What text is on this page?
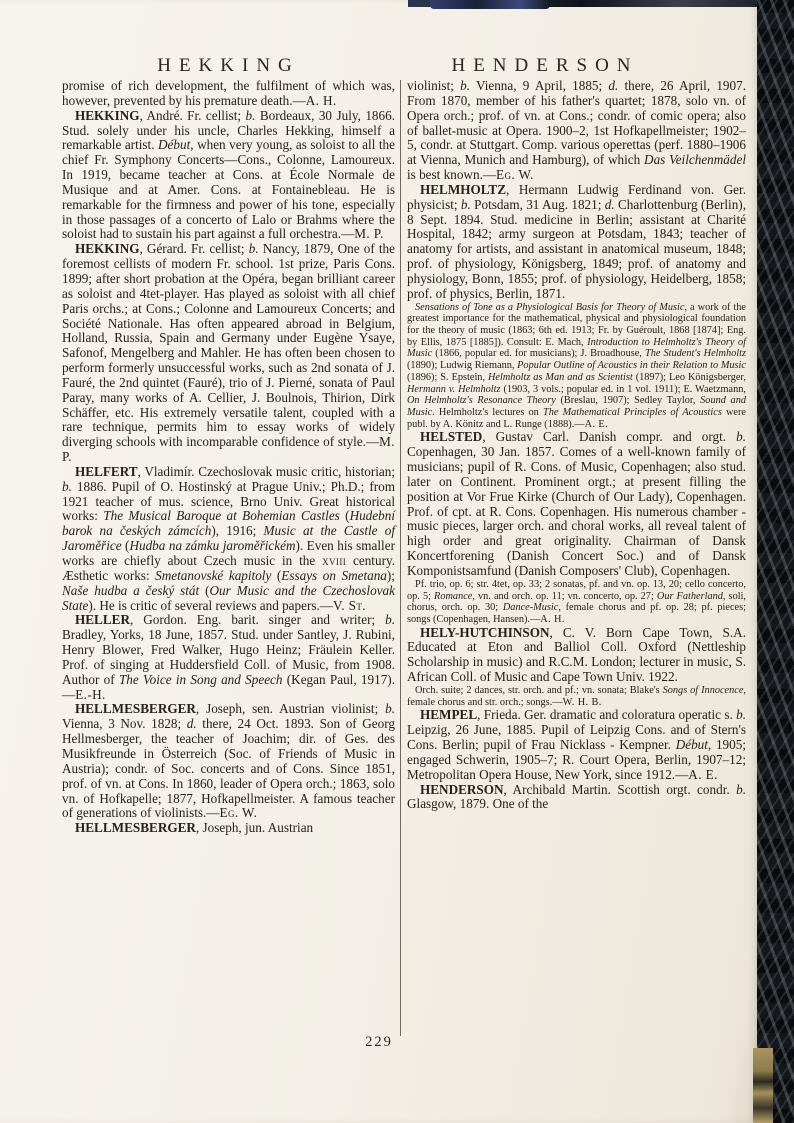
HEKKING	HENDERSON

promise of rich development, the fulfilment of which was, however, prevented by his premature death.—A. H.

HEKKING, André. Fr. cellist; b. Bordeaux, 30 July, 1866. Stud. solely under his uncle, Charles Hekking, himself a remarkable artist. Début, when very young, as soloist to all the chief Fr. Symphony Concerts—Cons., Colonne, Lamoureux. In 1919, became teacher at Cons. at École Normale de Musique and at Amer. Cons. at Fontainebleau. He is remarkable for the firmness and power of his tone, especially in those passages of a concerto of Lalo or Brahms where the soloist had to sustain his part against a full orchestra.—M. P.

HEKKING, Gérard. Fr. cellist; b. Nancy, 1879, One of the foremost cellists of modern Fr. school. 1st prize, Paris Cons. 1899; after short probation at the Opéra, began brilliant career as soloist and 4tet-player. Has played as soloist with all chief Paris orchs.; at Cons.; Colonne and Lamoureux Concerts; and Société Nationale. Has often appeared abroad in Belgium, Holland, Russia, Spain and Germany under Eugène Ysaye, Safonof, Mengelberg and Mahler. He has often been chosen to perform formerly unsuccessful works, such as 2nd sonata of J. Fauré, the 2nd quintet (Fauré), trio of J. Pierné, sonata of Paul Paray, many works of A. Cellier, J. Boulnois, Thirion, Dirk Schäffer, etc. His extremely versatile talent, coupled with a rare technique, permits him to essay works of widely diverging schools with incomparable confidence of style.—M. P.

HELFERT, Vladimír. Czechoslovak music critic, historian; b. 1886. Pupil of O. Hostinský at Prague Univ.; Ph.D.; from 1921 teacher of mus. science, Brno Univ. Great historical works: The Musical Baroque at Bohemian Castles (Hudební barok na českých zámcích), 1916; Music at the Castle of Jaroměřice (Hudba na zámku jaroměřickém). Even his smaller works are chiefly about Czech music in the xviii century. Æsthetic works: Smetanovské kapitoly (Essays on Smetana); Naše hudba a český stát (Our Music and the Czechoslovak State). He is critic of several reviews and papers.—V. St.

HELLER, Gordon. Eng. barit. singer and writer; b. Bradley, Yorks, 18 June, 1857. Stud. under Santley, J. Rubini, Henry Blower, Fred Walker, Hugo Heinz; Fräulein Keller. Prof. of singing at Huddersfield Coll. of Music, from 1908. Author of The Voice in Song and Speech (Kegan Paul, 1917).—E.-H.

HELLMESBERGER, Joseph, sen. Austrian violinist; b. Vienna, 3 Nov. 1828; d. there, 24 Oct. 1893. Son of Georg Hellmesberger, the teacher of Joachim; dir. of Ges. des Musikfreunde in Österreich (Soc. of Friends of Music in Austria); condr. of Soc. concerts and of Cons. Since 1851, prof. of vn. at Cons. In 1860, leader of Opera orch.; 1863, solo vn. of Hofkapelle; 1877, Hofkapellmeister. A famous teacher of generations of violinists.—Eg. W.

HELLMESBERGER, Joseph, jun. Austrian

violinist; b. Vienna, 9 April, 1885; d. there, 26 April, 1907. From 1870, member of his father's quartet; 1878, solo vn. of Opera orch.; prof. of vn. at Cons.; condr. of comic opera; also of ballet-music at Opera. 1900–2, 1st Hofkapellmeister; 1902–5, condr. at Stuttgart. Comp. various operettas (perf. 1880–1906 at Vienna, Munich and Hamburg), of which Das Veilchenmädel is best known.—Eg. W.

HELMHOLTZ, Hermann Ludwig Ferdinand von. Ger. physicist; b. Potsdam, 31 Aug. 1821; d. Charlottenburg (Berlin), 8 Sept. 1894. Stud. medicine in Berlin; assistant at Charité Hospital, 1842; army surgeon at Potsdam, 1843; teacher of anatomy for artists, and assistant in anatomical museum, 1848; prof. of physiology, Königsberg, 1849; prof. of anatomy and physiology, Bonn, 1855; prof. of physiology, Heidelberg, 1858; prof. of physics, Berlin, 1871.

Sensations of Tone as a Physiological Basis for Theory of Music, a work of the greatest importance for the mathematical, physical and physiological foundation for the theory of music (1863; 6th ed. 1913; Fr. by Guéroult, 1868 [1874]; Eng. by Ellis, 1875 [1885]). Consult: E. Mach, Introduction to Helmholtz's Theory of Music (1866, popular ed. for musicians); J. Broadhouse, The Student's Helmholtz (1890); Ludwig Riemann, Popular Outline of Acoustics in their Relation to Music (1896); S. Epstein, Helmholtz as Man and as Scientist (1897); Leo Königsberger, Hermann v. Helmholtz (1903, 3 vols.; popular ed. in 1 vol. 1911); E. Waetzmann, On Helmholtz's Resonance Theory (Breslau, 1907); Sedley Taylor, Sound and Music. Helmholtz's lectures on The Mathematical Principles of Acoustics were publ. by A. Könitz and L. Runge (1888).—A. E.

HELSTED, Gustav Carl. Danish compr. and orgt. b. Copenhagen, 30 Jan. 1857. Comes of a well-known family of musicians; pupil of R. Cons. of Music, Copenhagen; also stud. later on Continent. Prominent orgt.; at present filling the position at Vor Frue Kirke (Church of Our Lady), Copenhagen. Prof. of cpt. at R. Cons. Copenhagen. His numerous chamber - music pieces, larger orch. and choral works, all reveal talent of high order and great originality. Chairman of Dansk Koncertforening (Danish Concert Soc.) and of Dansk Komponistsamfund (Danish Composers' Club), Copenhagen.

Pf. trio, op. 6; str. 4tet, op. 33; 2 sonatas, pf. and vn. op. 13, 20; cello concerto, op. 5; Romance, vn. and orch. op. 11; vn. concerto, op. 27; Our Fatherland, soli, chorus, orch. op. 30; Dance-Music, female chorus and pf. op. 28; pf. pieces; songs (Copenhagen, Hansen).—A. H.

HELY-HUTCHINSON, C. V. Born Cape Town, S.A. Educated at Eton and Balliol Coll. Oxford (Nettleship Scholarship in music) and R.C.M. London; lecturer in music, S. African Coll. of Music and Cape Town Univ. 1922.

Orch. suite; 2 dances, str. orch. and pf.; vn. sonata; Blake's Songs of Innocence, female chorus and str. orch.; songs.—W. H. B.

HEMPEL, Frieda. Ger. dramatic and coloratura operatic s. b. Leipzig, 26 June, 1885. Pupil of Leipzig Cons. and of Stern's Cons. Berlin; pupil of Frau Nicklass - Kempner. Début, 1905; engaged Schwerin, 1905–7; R. Court Opera, Berlin, 1907–12; Metropolitan Opera House, New York, since 1912.—A. E.

HENDERSON, Archibald Martin. Scottish orgt. condr. b. Glasgow, 1879. One of the

229
